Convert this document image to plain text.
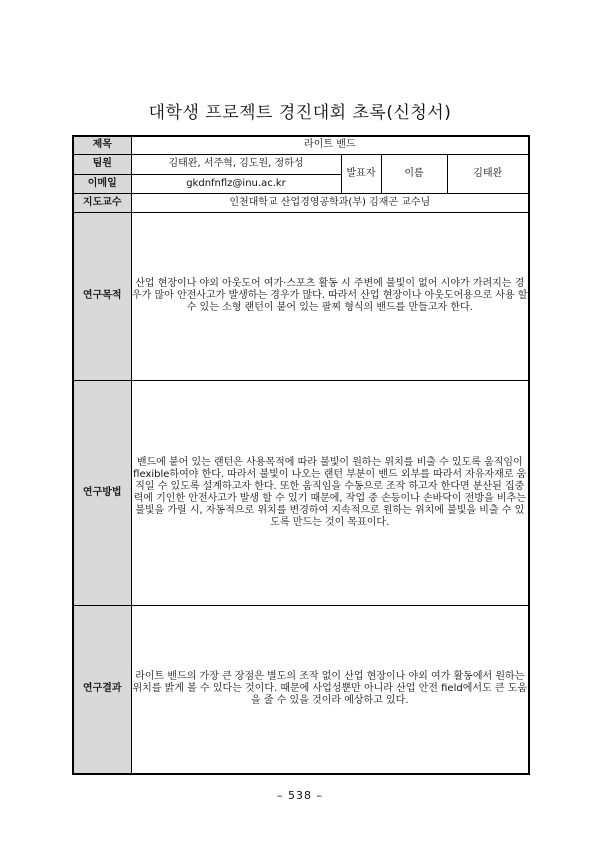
대학생 프로젝트 경진대회 초록(신청서)
제목	라이트 밴드			
팀원	김태완, 서주혁, 김도원, 정하성	발표자	이름	김태완
이메일	gkdnfnflz@inu.ac.kr			
지도교수	인천대학교 산업경영공학과(부) 김재곤 교수님			
연구목적	산업 현장이나 야외 아웃도어 여가·스포츠 활동 시 주변에 불빛이 없어 시야가 가려지는 경우가 많아 안전사고가 발생하는 경우가 많다. 따라서 산업 현장이나 아웃도어용으로 사용 할 수 있는 소형 랜턴이 붙어 있는 팔찌 형식의 밴드를 만들고자 한다.			

연구방법	밴드에 붙어 있는 랜턴은 사용목적에 따라 불빛이 원하는 위치를 비출 수 있도록 움직임이 flexible하여야 한다. 따라서 불빛이 나오는 랜턴 부분이 밴드 외부를 따라서 자유자재로 움직일 수 있도록 설계하고자 한다. 또한 움직임을 수동으로 조작 하고자 한다면 분산된 집중력에 기인한 안전사고가 발생 할 수 있기 때문에, 작업 중 손등이나 손바닥이 전방을 비추는 불빛을 가릴 시, 자동적으로 위치를 변경하여 지속적으로 원하는 위치에 불빛을 비출 수 있도록 만드는 것이 목표이다.			

연구결과	라이트 밴드의 가장 큰 장점은 별도의 조작 없이 산업 현장이나 야외 여가 활동에서 원하는 위치를 밝게 볼 수 있다는 것이다. 때문에 사업성뿐만 아니라 산업 안전 field에서도 큰 도움을 줄 수 있을 것이라 예상하고 있다.			
– 538 –
